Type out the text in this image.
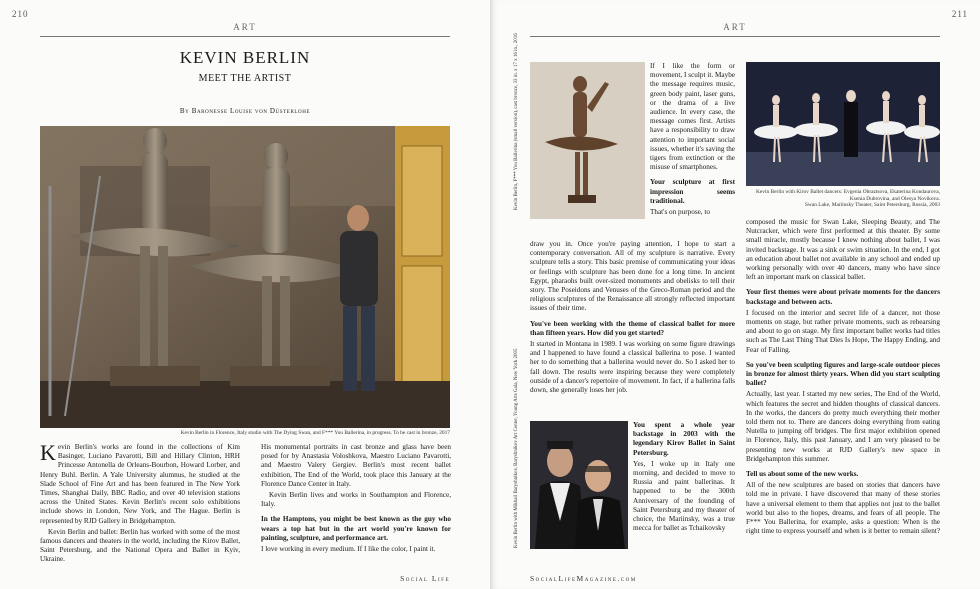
210
ART
KEVIN BERLIN
MEET THE ARTIST
By Baronesse Louise von Düsterlohe
Kevin Berlin in Florence, Italy studio with The Dying Swan, and F*** You Ballerina, in progress. To be cast in bronze, 2017

Kevin Berlin's works are found in the collections of Kim Basinger, Luciano Pavarotti, Bill and Hillary Clinton, HRH Princesse Antonella de Orleans-Bourbon, Howard Lorber, and Henry Buhl. Berlin. A Yale University alumnus, he studied at the Slade School of Fine Art and has been featured in The New York Times, Shanghai Daily, BBC Radio, and over 40 television stations across the United States. Kevin Berlin's recent solo exhibitions include shows in London, New York, and The Hague. Berlin is represented by RJD Gallery in Bridgehampton.

Kevin Berlin and ballet: Berlin has worked with some of the most famous dancers and theaters in the world, including the Kirov Ballet, Saint Petersburg, and the National Opera and Ballet in Kyiv, Ukraine.

His monumental portraits in cast bronze and glass have been posed for by Anastasia Voloshkova, Maestro Luciano Pavarotti, and Maestro Valery Gergiev. Berlin's most recent ballet exhibition, The End of the World, took place this January at the Florence Dance Center in Italy.

Kevin Berlin lives and works in Southampton and Florence, Italy.

In the Hamptons, you might be best known as the guy who wears a top hat but in the art world you're known for painting, sculpture, and performance art.

I love working in every medium. If I like the color, I paint it.

Social Life
211
ART
Kevin Berlin, F*** You Ballerina (small version), cast bronze, 33 in. x 17 x 16 in., 2016	If I like the form or movement, I sculpt it. Maybe the message requires music, green body paint, laser guns, or the drama of a live audience. In every case, the message comes first. Artists have a responsibility to draw attention to important social issues, whether it's saving the tigers from extinction or the misuse of smartphones.

Your sculpture at first impression seems traditional.

That's on purpose, to

draw you in. Once you're paying attention, I hope to start a contemporary conversation. All of my sculpture is narrative. Every sculpture tells a story. This basic premise of communicating your ideas or feelings with sculpture has been done for a long time. In ancient Egypt, pharaohs built over-sized monuments and obelisks to tell their story. The Poseidons and Venuses of the Greco-Roman period and the religious sculptures of the Renaissance all strongly reflected important issues of their time.

You've been working with the theme of classical ballet for more than fifteen years. How did you get started?

It started in Montana in 1989. I was working on some figure drawings and I happened to have found a classical ballerina to pose. I wanted her to do something that a ballerina would never do. So I asked her to fall down. The results were inspiring because they were completely outside of a dancer's repertoire of movement. In fact, if a ballerina falls down, she generally loses her job.

Kevin Berlin with Mikhail Baryshnikov, Baryshnikov Art Center, Young Arts Gala, New York 2005	You spent a whole year backstage in 2003 with the legendary Kirov Ballet in Saint Petersburg.

Yes, I woke up in Italy one morning, and decided to move to Russia and paint ballerinas. It happened to be the 300th Anniversary of the founding of Saint Petersburg and my theater of choice, the Mariinsky, was a true mecca for ballet as Tchaikovsky

Kevin Berlin with Kirov Ballet dancers: Evgenia Obraztsova, Ekaterina Kondaurova,
Ksenia Dubrovina, and Olesya Novikova.
Swan Lake, Mariinsky Theater, Saint Petersburg, Russia, 2003

composed the music for Swan Lake, Sleeping Beauty, and The Nutcracker, which were first performed at this theater. By some small miracle, mostly because I knew nothing about ballet, I was invited backstage. It was a sink or swim situation. In the end, I got an education about ballet not available in any school and ended up working personally with over 40 dancers, many who have since left an important mark on classical ballet.

Your first themes were about private moments for the dancers backstage and between acts.

I focused on the interior and secret life of a dancer, not those moments on stage, but rather private moments, such as rehearsing and about to go on stage. My first important ballet works had titles such as The Last Thing That Dies Is Hope, The Happy Ending, and Fear of Falling.

So you've been sculpting figures and large-scale outdoor pieces in bronze for almost thirty years. When did you start sculpting ballet?

Actually, last year. I started my new series, The End of the World, which features the secret and hidden thoughts of classical dancers. In the works, the dancers do pretty much everything their mother told them not to. There are dancers doing everything from eating Nutella to jumping off bridges. The first major exhibition opened in Florence, Italy, this past January, and I am very pleased to be presenting new works at RJD Gallery's new space in Bridgehampton this summer.

Tell us about some of the new works.

All of the new sculptures are based on stories that dancers have told me in private. I have discovered that many of these stories have a universal element to them that applies not just to the ballet world but also to the hopes, dreams, and fears of all people. The F*** You Ballerina, for example, asks a question: When is the right time to express yourself and when is it better to remain silent?

SocialLifeMagazine.com
